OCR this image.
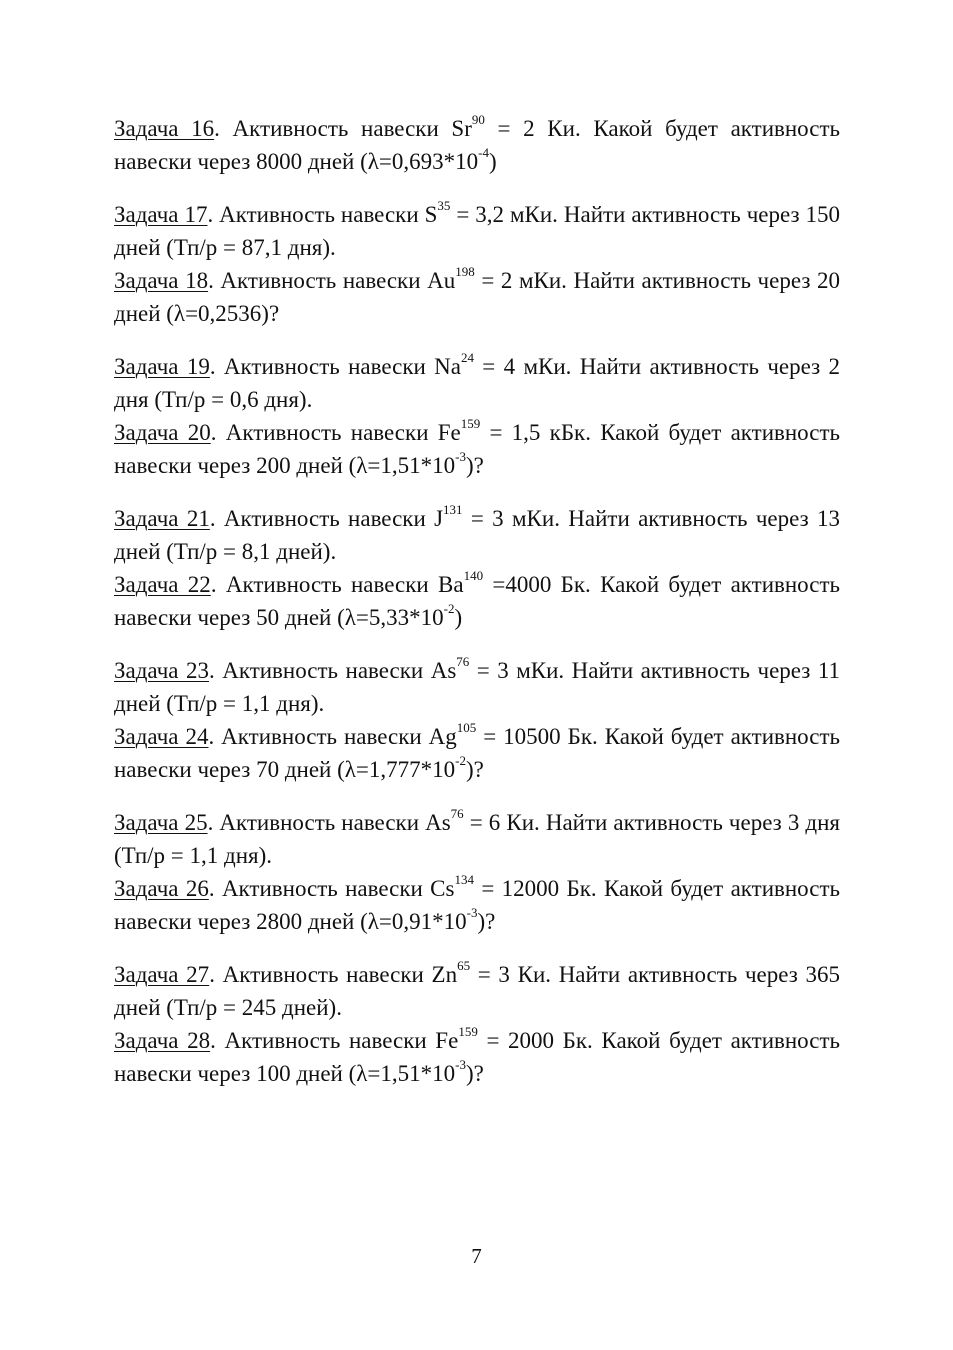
Задача 16. Активность навески $Sr^{90} = 2$ Ки. Какой будет активность навески через 8000 дней $(\lambda=0,693*10^{-4})$

Задача 17. Активность навески $S^{35} = 3,2$ мКи. Найти активность через 150 дней (Тп/р = 87,1 дня).

Задача 18. Активность навески $Au^{198} = 2$ мКи. Найти активность через 20 дней (λ=0,2536)?

Задача 19. Активность навески $Na^{24} = 4$ мКи. Найти активность через 2 дня (Тп/р = 0,6 дня).

Задача 20. Активность навески $Fe^{159} = 1,5$ кБк. Какой будет активность навески через 200 дней $(\lambda=1,51*10^{-3})$?

Задача 21. Активность навески $J^{131} = 3$ мКи. Найти активность через 13 дней (Тп/р = 8,1 дней).

Задача 22. Активность навески $Ba^{140} =4000$ Бк. Какой будет активность навески через 50 дней $(\lambda=5,33*10^{-2})$

Задача 23. Активность навески $As^{76} = 3$ мКи. Найти активность через 11 дней (Тп/р = 1,1 дня).

Задача 24. Активность навески $Ag^{105} = 10500$ Бк. Какой будет активность навески через 70 дней $(\lambda=1,777*10^{-2})$?

Задача 25. Активность навески $As^{76} = 6$ Ки. Найти активность через 3 дня (Тп/р = 1,1 дня).

Задача 26. Активность навески $Cs^{134} = 12000$ Бк. Какой будет активность навески через 2800 дней $(\lambda=0,91*10^{-3})$?

Задача 27. Активность навески $Zn^{65} = 3$ Ки. Найти активность через 365 дней (Тп/р = 245 дней).

Задача 28. Активность навески $Fe^{159} = 2000$ Бк. Какой будет активность навески через 100 дней $(\lambda=1,51*10^{-3})$?

7
